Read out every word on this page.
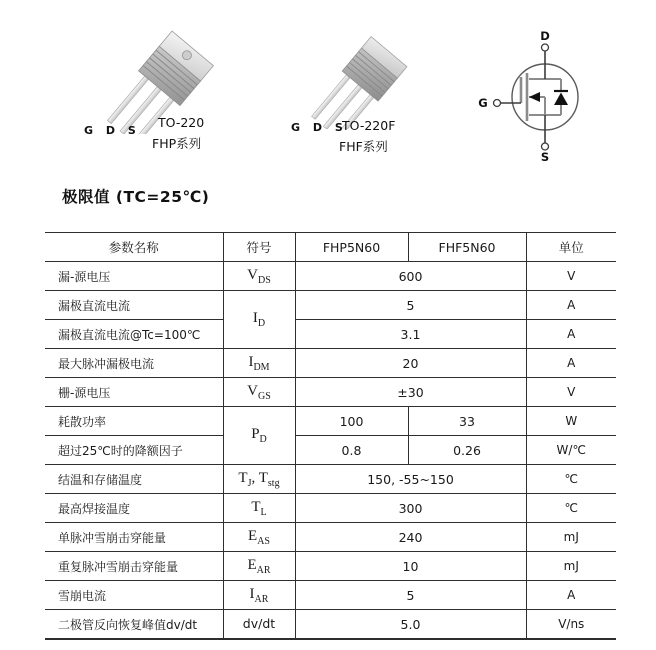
G D S
TO-220
FHP系列
G D S
TO-220F
FHF系列
D
G
S
极限值 (TC=25℃)
参数名称	符号	FHP5N60	FHF5N60	单位
漏-源电压	$V_{DS}$	600		V
漏极直流电流	$I_D$	5		A
漏极直流电流@Tc=100℃		3.1		A
最大脉冲漏极电流	$I_{DM}$	20		A
栅-源电压	$V_{GS}$	±30		V
耗散功率	$P_D$	100	33	W
超过25℃时的降额因子		0.8	0.26	W/℃
结温和存储温度	$T_J$, $T_{stg}$	150, -55~150		℃
最高焊接温度	$T_L$	300		℃
单脉冲雪崩击穿能量	$E_{AS}$	240		mJ
重复脉冲雪崩击穿能量	$E_{AR}$	10		mJ
雪崩电流	$I_{AR}$	5		A
二极管反向恢复峰值dv/dt	dv/dt	5.0		V/ns
